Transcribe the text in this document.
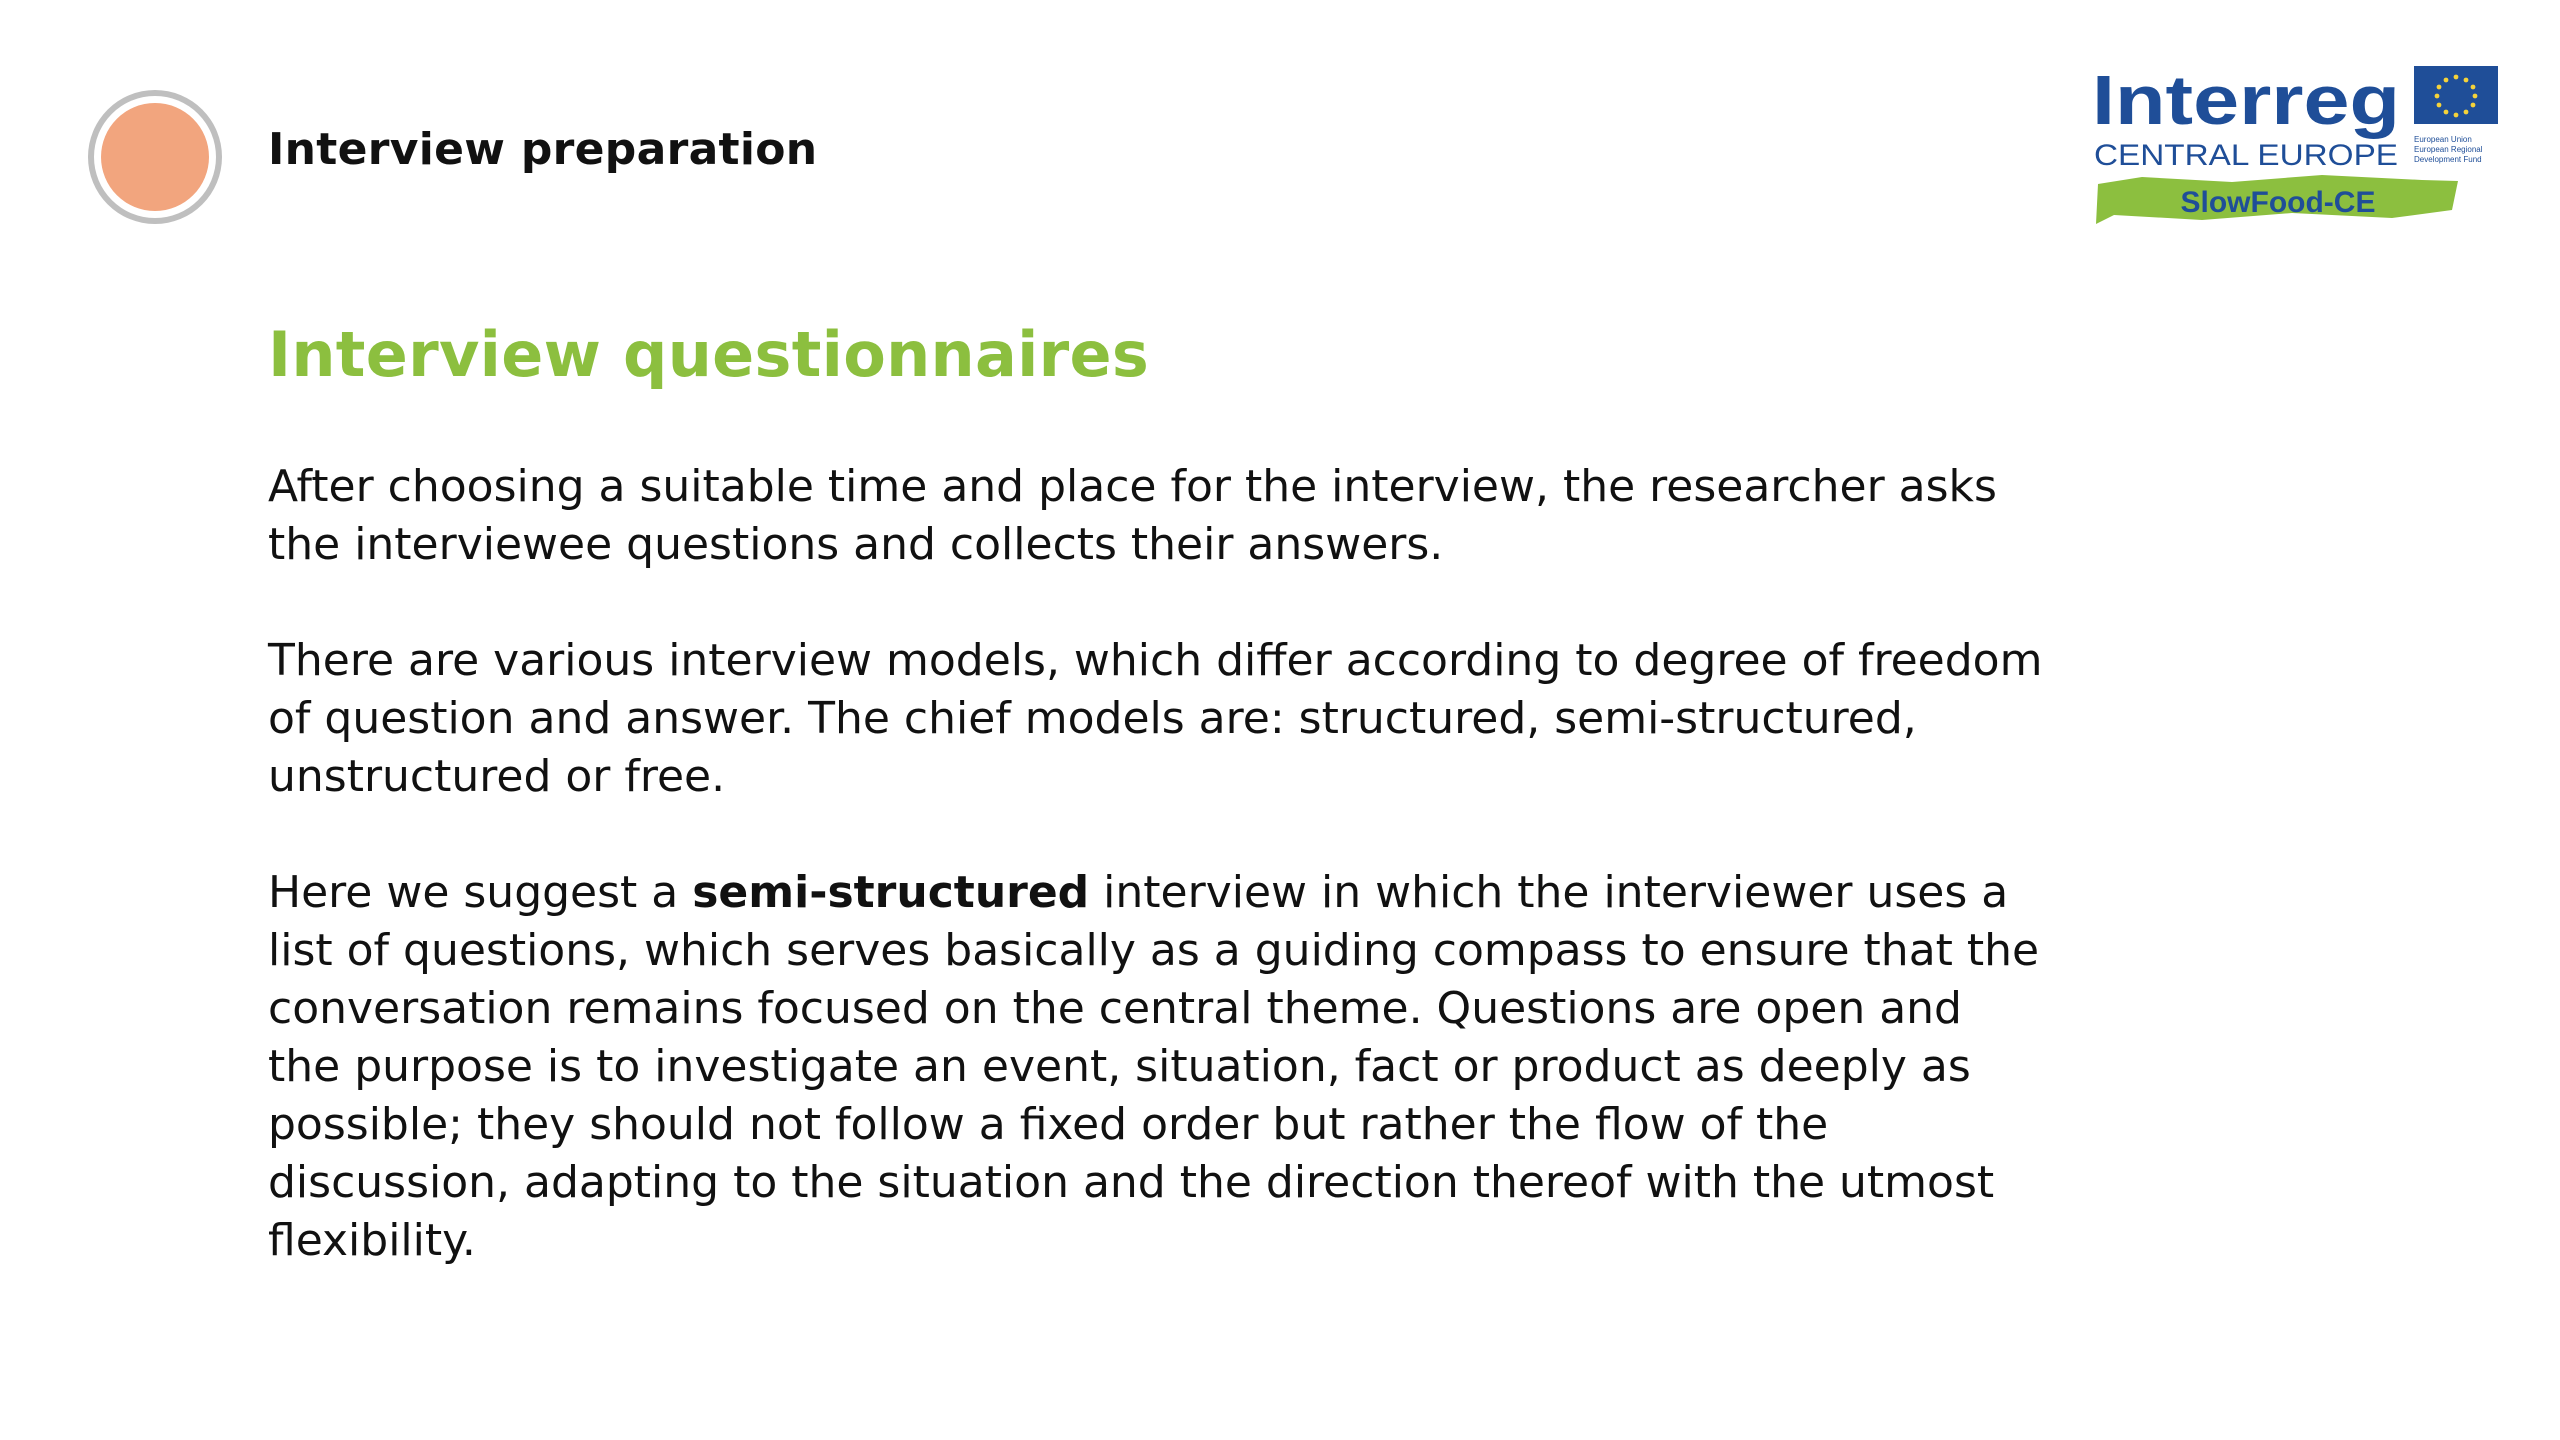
Interview preparation
Interreg
CENTRAL EUROPE European Union
European Regional
Development Fund
SlowFood-CE
Interview questionnaires

After choosing a suitable time and place for the interview, the researcher asks the interviewee questions and collects their answers.

There are various interview models, which differ according to degree of freedom of question and answer. The chief models are: structured, semi-structured, unstructured or free.

Here we suggest a semi-structured interview in which the interviewer uses a list of questions, which serves basically as a guiding compass to ensure that the conversation remains focused on the central theme. Questions are open and the purpose is to investigate an event, situation, fact or product as deeply as possible; they should not follow a fixed order but rather the flow of the discussion, adapting to the situation and the direction thereof with the utmost flexibility.
